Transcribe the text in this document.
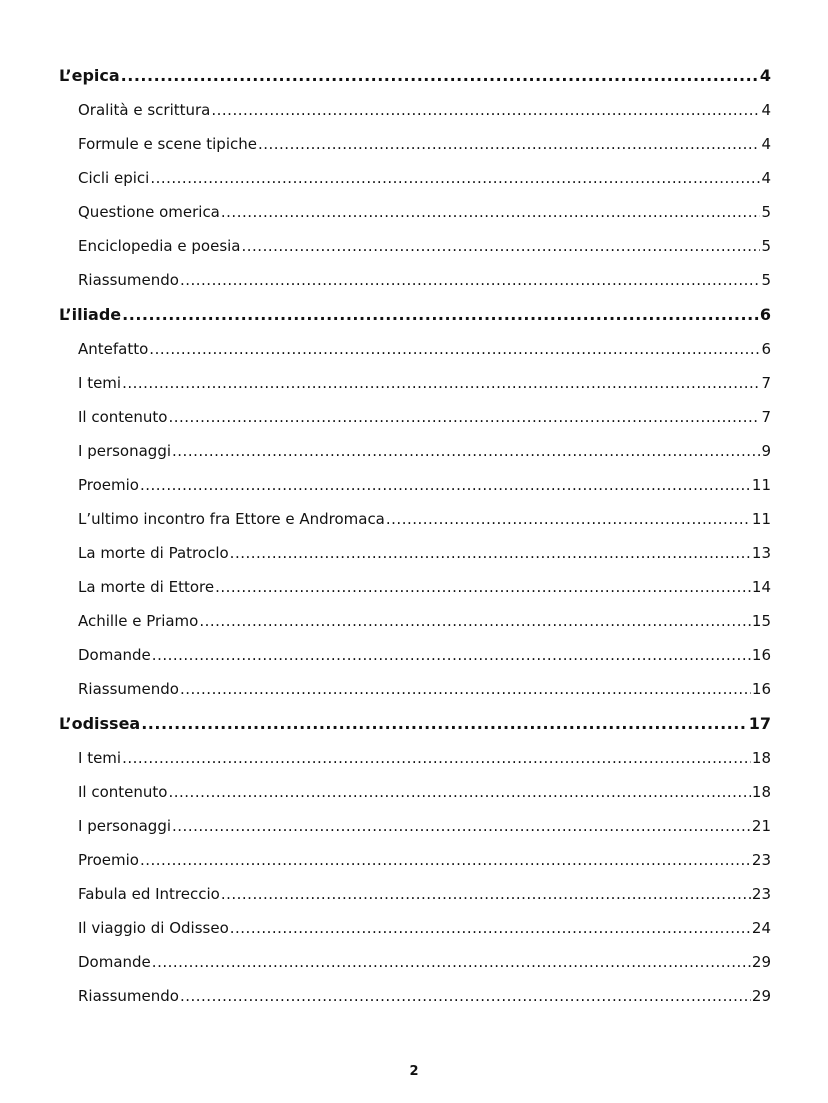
L’epica .....	4
Oralità e scrittura .....	4
Formule e scene tipiche .....	4
Cicli epici .....	4
Questione omerica .....	5
Enciclopedia e poesia .....	5
Riassumendo .....	5
L’iliade .....	6
Antefatto .....	6
I temi .....	7
Il contenuto .....	7
I personaggi .....	9
Proemio .....	11
L’ultimo incontro fra Ettore e Andromaca .....	11
La morte di Patroclo .....	13
La morte di Ettore .....	14
Achille e Priamo .....	15
Domande .....	16
Riassumendo .....	16
L’odissea .....	17
I temi .....	18
Il contenuto .....	18
I personaggi .....	21
Proemio .....	23
Fabula ed Intreccio .....	23
Il viaggio di Odisseo .....	24
Domande .....	29
Riassumendo .....	29
2
